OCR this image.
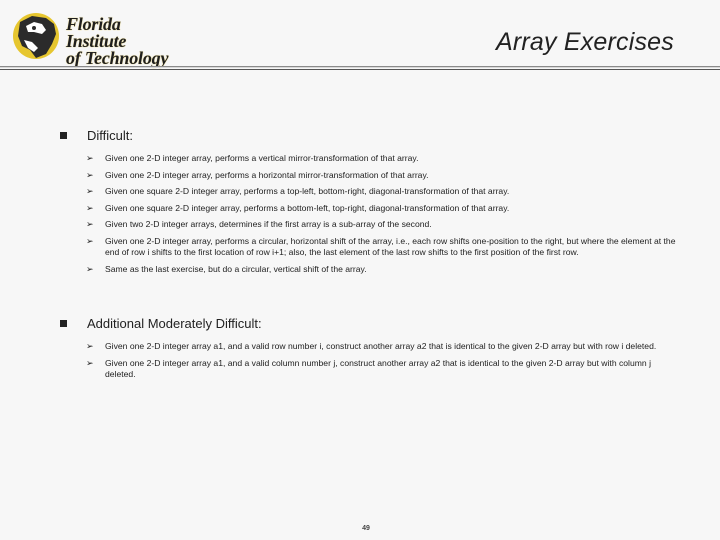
Florida Institute
of Technology
Array Exercises
Difficult:
➢ Given one 2-D integer array, performs a vertical mirror-transformation of that array.
➢ Given one 2-D integer array, performs a horizontal mirror-transformation of that array.
➢ Given one square 2-D integer array, performs a top-left, bottom-right, diagonal-transformation of that array.
➢ Given one square 2-D integer array, performs a bottom-left, top-right, diagonal-transformation of that array.
➢ Given two 2-D integer arrays, determines if the first array is a sub-array of the second.
➢ Given one 2-D integer array, performs a circular, horizontal shift of the array, i.e., each row shifts one-position to the right, but where the element at the end of row i shifts to the first location of row i+1; also, the last element of the last row shifts to the first position of the first row.
➢ Same as the last exercise, but do a circular, vertical shift of the array.
Additional Moderately Difficult:
➢ Given one 2-D integer array a1, and a valid row number i, construct another array a2 that is identical to the given 2-D array but with row i deleted.
➢ Given one 2-D integer array a1, and a valid column number j, construct another array a2 that is identical to the given 2-D array but with column j deleted.
49
